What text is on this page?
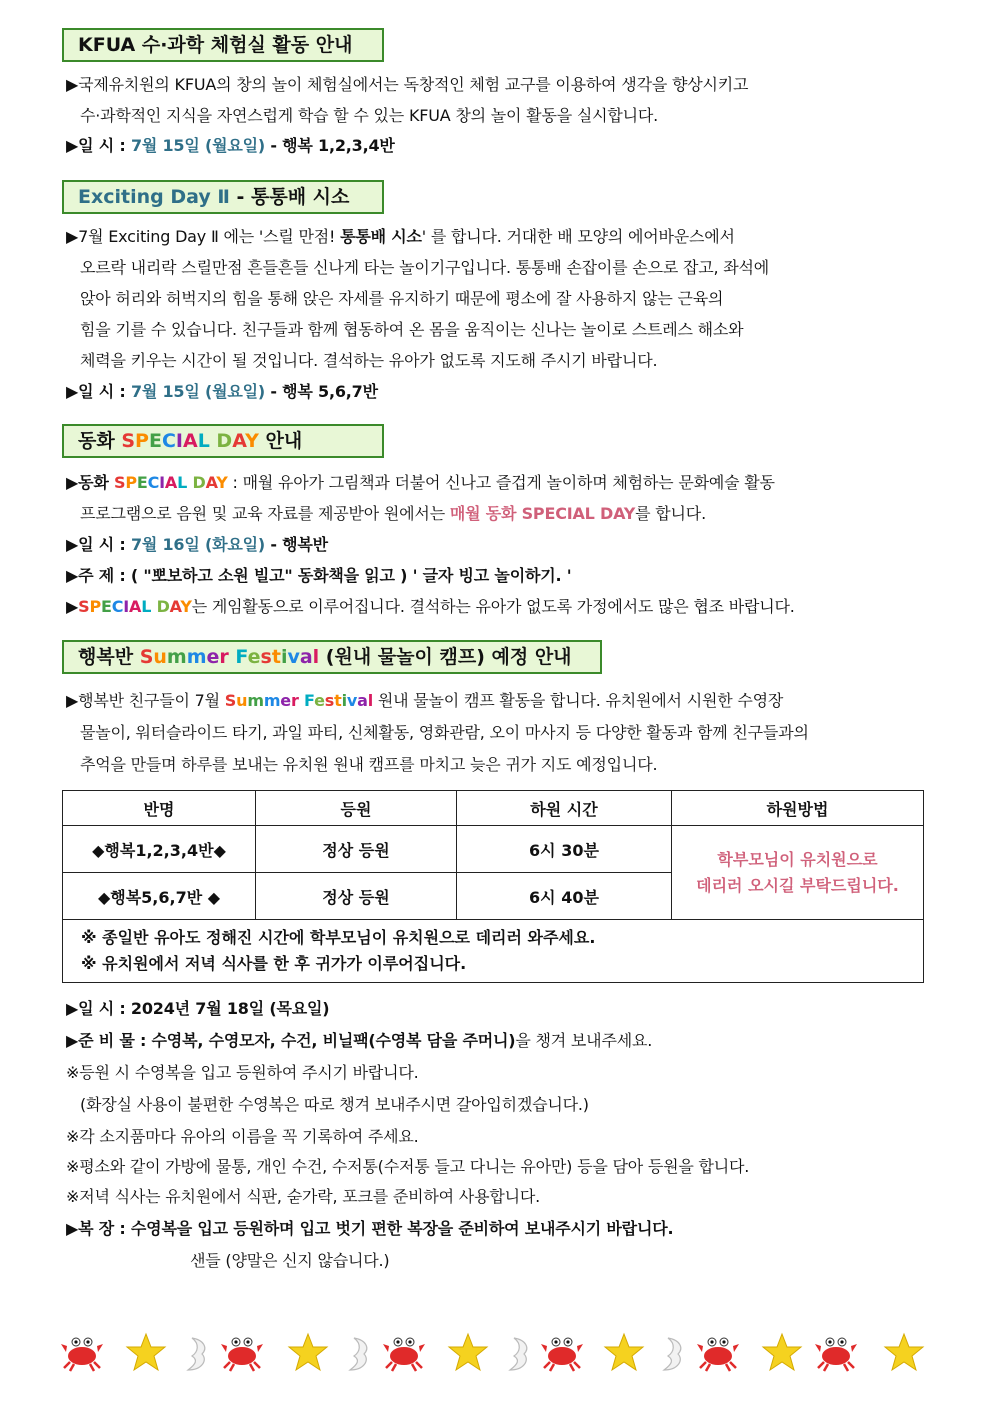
KFUA 수·과학 체험실 활동 안내
▶국제유치원의 KFUA의 창의 놀이 체험실에서는 독창적인 체험 교구를 이용하여 생각을 향상시키고
수·과학적인 지식을 자연스럽게 학습 할 수 있는 KFUA 창의 놀이 활동을 실시합니다.
▶일 시 : 7월 15일 (월요일) - 행복 1,2,3,4반
Exciting Day Ⅱ - 통통배 시소
▶7월 Exciting Day Ⅱ 에는 '스릴 만점! 통통배 시소' 를 합니다. 거대한 배 모양의 에어바운스에서
오르락 내리락 스릴만점 흔들흔들 신나게 타는 놀이기구입니다. 통통배 손잡이를 손으로 잡고, 좌석에
앉아 허리와 허벅지의 힘을 통해 앉은 자세를 유지하기 때문에 평소에 잘 사용하지 않는 근육의
힘을 기를 수 있습니다. 친구들과 함께 협동하여 온 몸을 움직이는 신나는 놀이로 스트레스 해소와
체력을 키우는 시간이 될 것입니다. 결석하는 유아가 없도록 지도해 주시기 바랍니다.
▶일 시 : 7월 15일 (월요일) - 행복 5,6,7반
동화 SPECIAL DAY 안내
▶동화 SPECIAL DAY : 매월 유아가 그림책과 더불어 신나고 즐겁게 놀이하며 체험하는 문화예술 활동
프로그램으로 음원 및 교육 자료를 제공받아 원에서는 매월 동화 SPECIAL DAY를 합니다.
▶일 시 : 7월 16일 (화요일) - 행복반
▶주 제 : ( "뽀보하고 소원 빌고" 동화책을 읽고 ) ' 글자 빙고 놀이하기. '
▶SPECIAL DAY는 게임활동으로 이루어집니다. 결석하는 유아가 없도록 가정에서도 많은 협조 바랍니다.
행복반 Summer Festival (원내 물놀이 캠프) 예정 안내
▶행복반 친구들이 7월 Summer Festival 원내 물놀이 캠프 활동을 합니다. 유치원에서 시원한 수영장
물놀이, 워터슬라이드 타기, 과일 파티, 신체활동, 영화관람, 오이 마사지 등 다양한 활동과 함께 친구들과의
추억을 만들며 하루를 보내는 유치원 원내 캠프를 마치고 늦은 귀가 지도 예정입니다.
반명	등원	하원 시간	하원방법
◆행복1,2,3,4반◆	정상 등원	6시 30분	학부모님이 유치원으로
데리러 오시길 부탁드립니다.

◆행복5,6,7반 ◆	정상 등원	6시 40분	

※ 종일반 유아도 정해진 시간에 학부모님이 유치원으로 데리러 와주세요.
※ 유치원에서 저녁 식사를 한 후 귀가가 이루어집니다.			
▶일 시 : 2024년 7월 18일 (목요일)
▶준 비 물 : 수영복, 수영모자, 수건, 비닐팩(수영복 담을 주머니)을 챙겨 보내주세요.
※등원 시 수영복을 입고 등원하여 주시기 바랍니다.
(화장실 사용이 불편한 수영복은 따로 챙겨 보내주시면 갈아입히겠습니다.)
※각 소지품마다 유아의 이름을 꼭 기록하여 주세요.
※평소와 같이 가방에 물통, 개인 수건, 수저통(수저통 들고 다니는 유아만) 등을 담아 등원을 합니다.
※저녁 식사는 유치원에서 식판, 숟가락, 포크를 준비하여 사용합니다.
▶복 장 : 수영복을 입고 등원하며 입고 벗기 편한 복장을 준비하여 보내주시기 바랍니다.
샌들 (양말은 신지 않습니다.)
